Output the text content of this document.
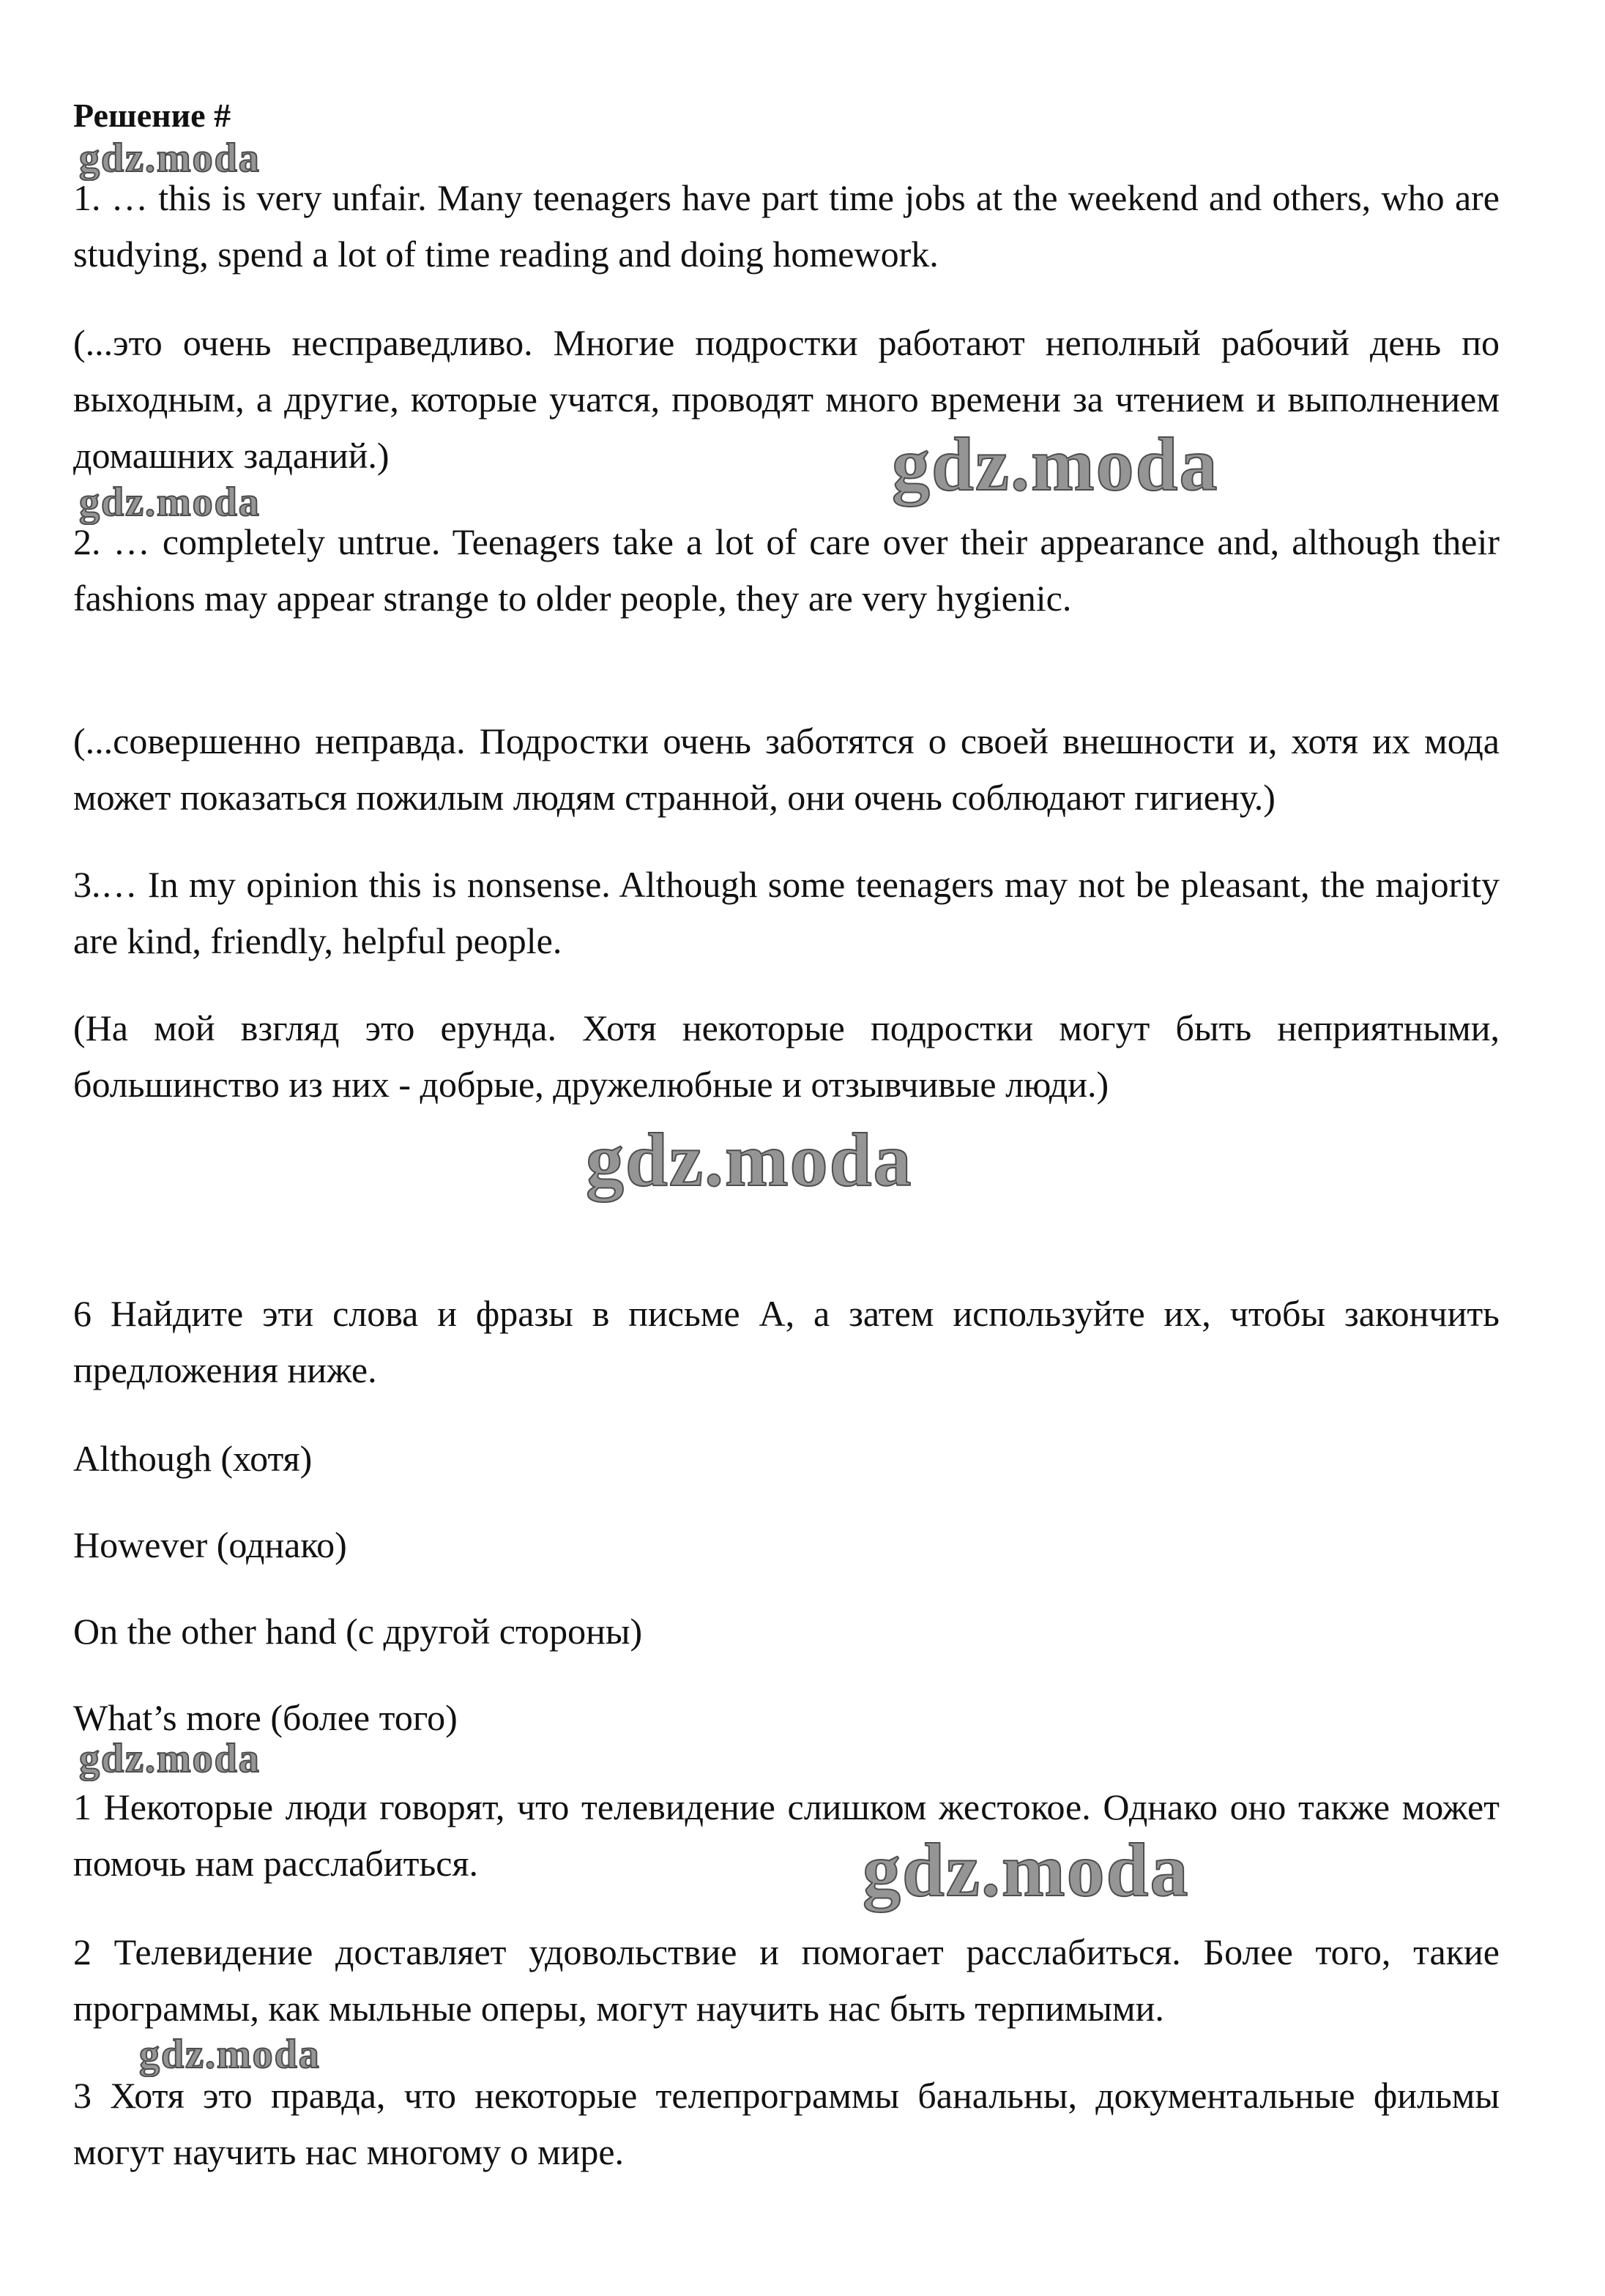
Решение #

gdz.moda
gdz.moda
gdz.moda
gdz.moda
gdz.moda
gdz.moda
gdz.moda

1. … this is very unfair. Many teenagers have part time jobs at the weekend and others, who are studying, spend a lot of time reading and doing homework.

(...это очень несправедливо. Многие подростки работают неполный рабочий день по выходным, а другие, которые учатся, проводят много времени за чтением и выполнением домашних заданий.)

2. … completely untrue. Teenagers take a lot of care over their appearance and, although their fashions may appear strange to older people, they are very hygienic.

(...совершенно неправда. Подростки очень заботятся о своей внешности и, хотя их мода может показаться пожилым людям странной, они очень соблюдают гигиену.)

3.… In my opinion this is nonsense. Although some teenagers may not be pleasant, the majority are kind, friendly, helpful people.

(На мой взгляд это ерунда. Хотя некоторые подростки могут быть неприятными, большинство из них - добрые, дружелюбные и отзывчивые люди.)

6 Найдите эти слова и фразы в письме А, а затем используйте их, чтобы закончить предложения ниже.

Although (хотя)

However (однако)

On the other hand (с другой стороны)

What’s more (более того)

1 Некоторые люди говорят, что телевидение слишком жестокое. Однако оно также может помочь нам расслабиться.

2 Телевидение доставляет удовольствие и помогает расслабиться. Более того, такие программы, как мыльные оперы, могут научить нас быть терпимыми.

3 Хотя это правда, что некоторые телепрограммы банальны, документальные фильмы могут научить нас многому о мире.
